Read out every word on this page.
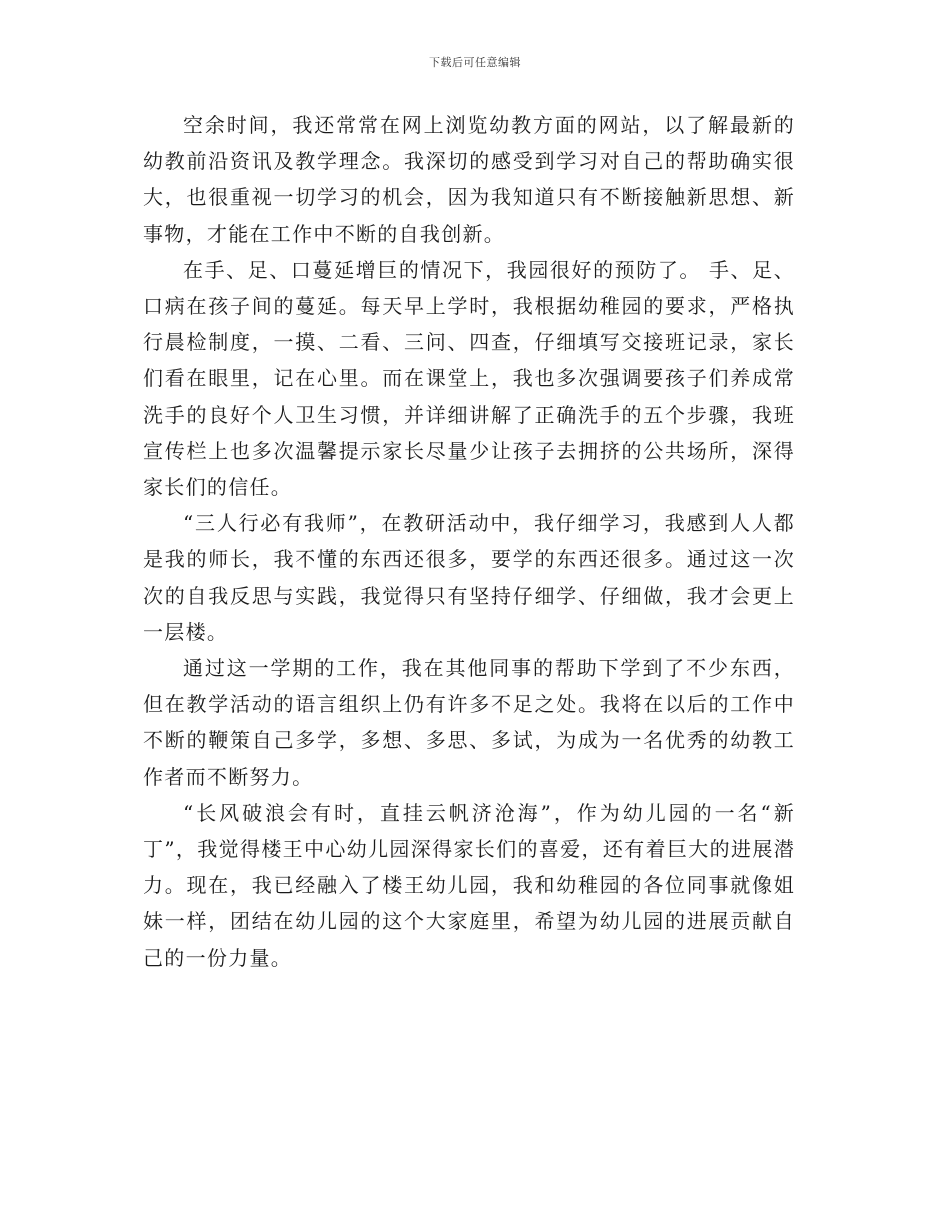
下载后可任意编辑

空余时间，我还常常在网上浏览幼教方面的网站，以了解最新的幼教前沿资讯及教学理念。我深切的感受到学习对自己的帮助确实很大，也很重视一切学习的机会，因为我知道只有不断接触新思想、新事物，才能在工作中不断的自我创新。

在手、足、口蔓延增巨的情况下，我园很好的预防了。 手、足、口病在孩子间的蔓延。每天早上学时，我根据幼稚园的要求，严格执行晨检制度，一摸、二看、三问、四查，仔细填写交接班记录，家长们看在眼里，记在心里。而在课堂上，我也多次强调要孩子们养成常洗手的良好个人卫生习惯，并详细讲解了正确洗手的五个步骤，我班宣传栏上也多次温馨提示家长尽量少让孩子去拥挤的公共场所，深得家长们的信任。

“三人行必有我师”，在教研活动中，我仔细学习，我感到人人都是我的师长，我不懂的东西还很多，要学的东西还很多。通过这一次次的自我反思与实践，我觉得只有坚持仔细学、仔细做，我才会更上一层楼。

通过这一学期的工作，我在其他同事的帮助下学到了不少东西，但在教学活动的语言组织上仍有许多不足之处。我将在以后的工作中不断的鞭策自己多学，多想、多思、多试，为成为一名优秀的幼教工作者而不断努力。

“长风破浪会有时，直挂云帆济沧海”，作为幼儿园的一名“新丁”，我觉得楼王中心幼儿园深得家长们的喜爱，还有着巨大的进展潜力。现在，我已经融入了楼王幼儿园，我和幼稚园的各位同事就像姐妹一样，团结在幼儿园的这个大家庭里，希望为幼儿园的进展贡献自己的一份力量。
